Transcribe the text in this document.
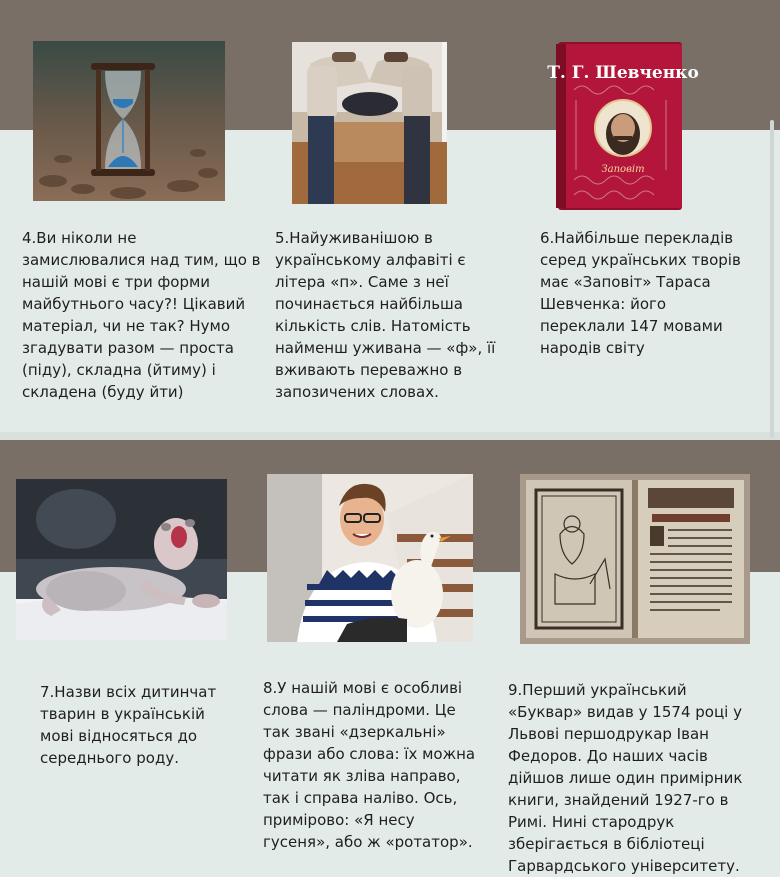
Т. Г. Шевченко
Заповіт

4.Ви ніколи не замислювалися над тим, що в нашій мові є три форми майбутнього часу?! Цікавий матеріал, чи не так? Нумо згадувати разом — проста (піду), складна (йтиму) і складена (буду йти)

5.Найуживанішою в українському алфавіті є літера «п». Саме з неї починається найбільша кількість слів. Натомість найменш уживана — «ф», її вживають переважно в запозичених словах.

6.Найбільше перекладів серед українських творів має «Заповіт» Тараса Шевченка: його переклали 147 мовами народів світу

7.Назви всіх дитинчат тварин в українській мові відносяться до середнього роду.

8.У нашій мові є особливі слова — паліндроми. Це так звані «дзеркальні» фрази або слова: їх можна читати як зліва направо, так і справа наліво. Ось, примірово: «Я несу гусеня», або ж «ротатор».

9.Перший український «Буквар» видав у 1574 році у Львові першодрукар Іван Федоров. До наших часів дійшов лише один примірник книги, знайдений 1927-го в Римі. Нині стародрук зберігається в бібліотеці Гарвардського університету.
